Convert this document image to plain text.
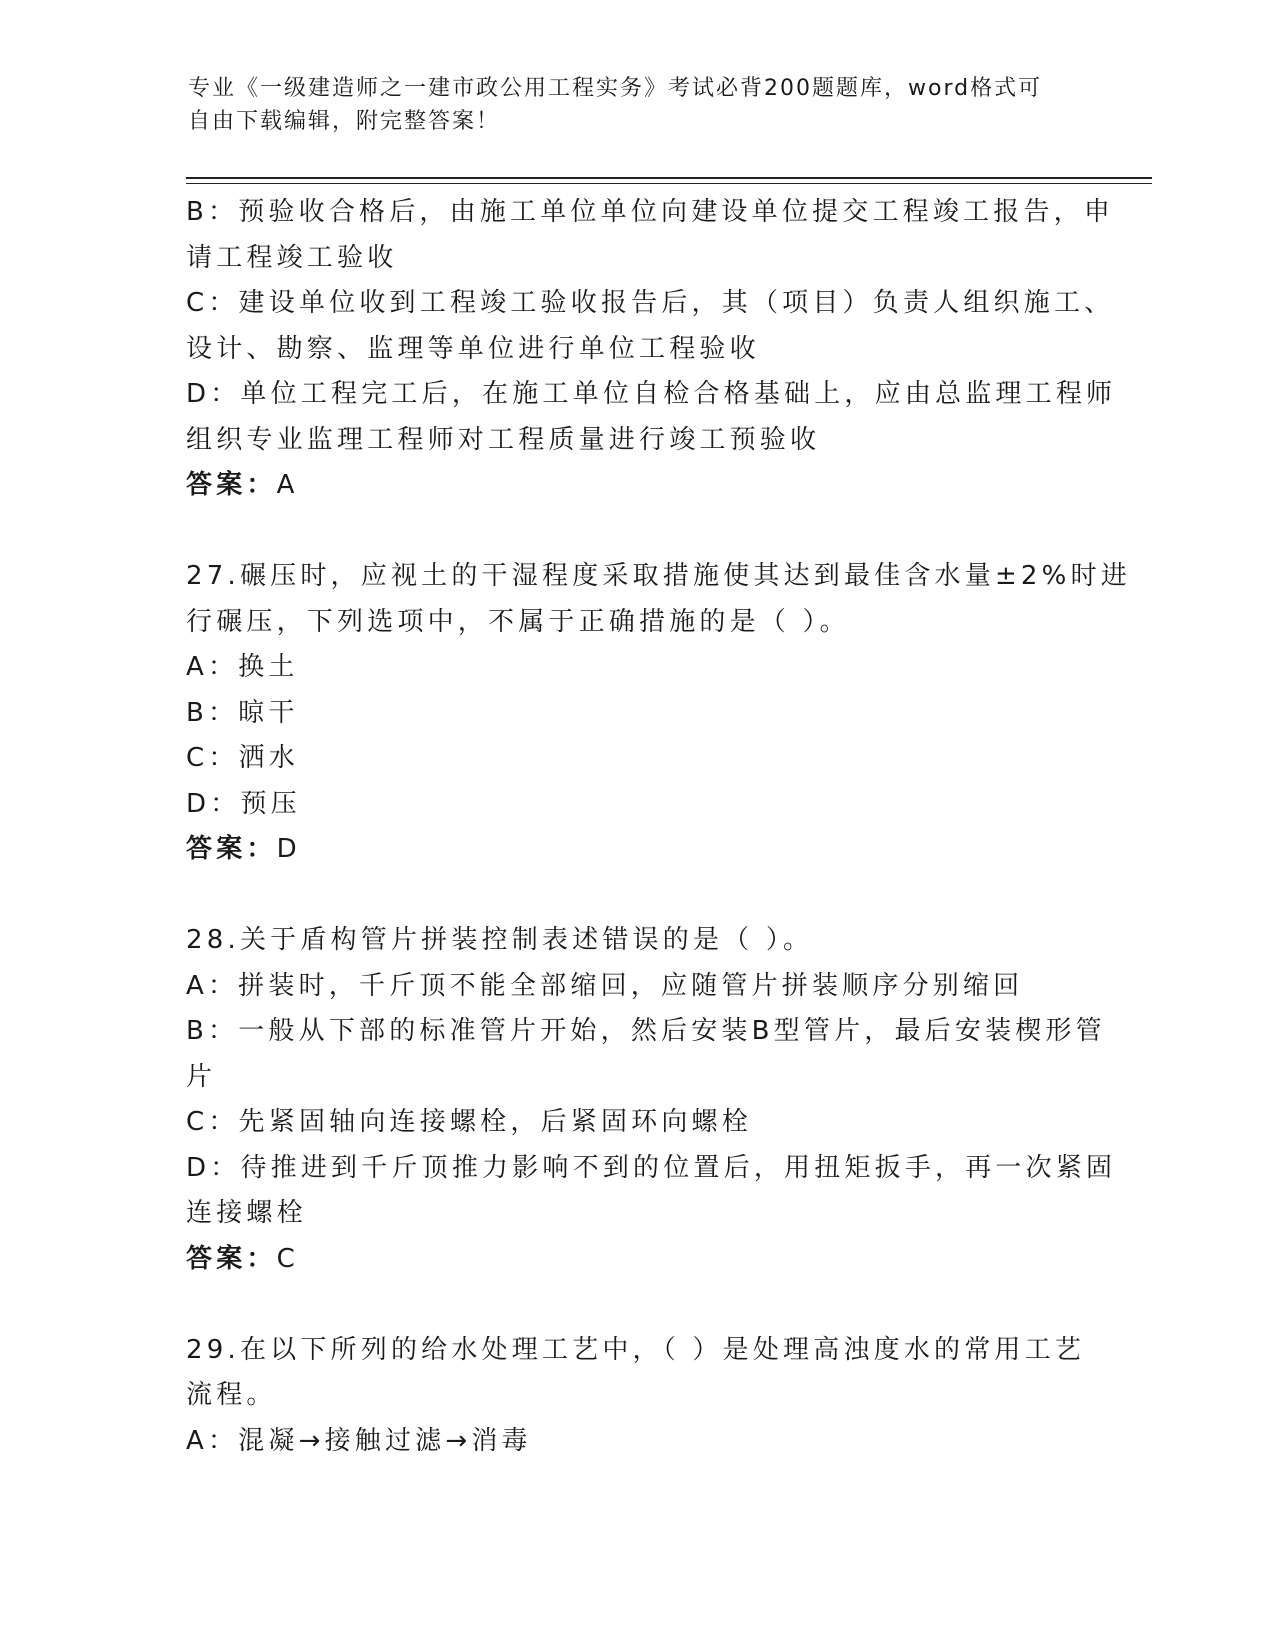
专业《一级建造师之一建市政公用工程实务》考试必背200题题库，word格式可
自由下载编辑，附完整答案！
B：预验收合格后，由施工单位单位向建设单位提交工程竣工报告，申
请工程竣工验收
C：建设单位收到工程竣工验收报告后，其（项目）负责人组织施工、
设计、勘察、监理等单位进行单位工程验收
D：单位工程完工后，在施工单位自检合格基础上，应由总监理工程师
组织专业监理工程师对工程质量进行竣工预验收
答案：A
27.碾压时，应视土的干湿程度采取措施使其达到最佳含水量±2%时进
行碾压，下列选项中，不属于正确措施的是（ ）。
A：换土
B：晾干
C：洒水
D：预压
答案：D
28.关于盾构管片拼装控制表述错误的是（ ）。
A：拼装时，千斤顶不能全部缩回，应随管片拼装顺序分别缩回
B：一般从下部的标准管片开始，然后安装B型管片，最后安装楔形管
片
C：先紧固轴向连接螺栓，后紧固环向螺栓
D：待推进到千斤顶推力影响不到的位置后，用扭矩扳手，再一次紧固
连接螺栓
答案：C
29.在以下所列的给水处理工艺中，（ ）是处理高浊度水的常用工艺
流程。
A：混凝→接触过滤→消毒
